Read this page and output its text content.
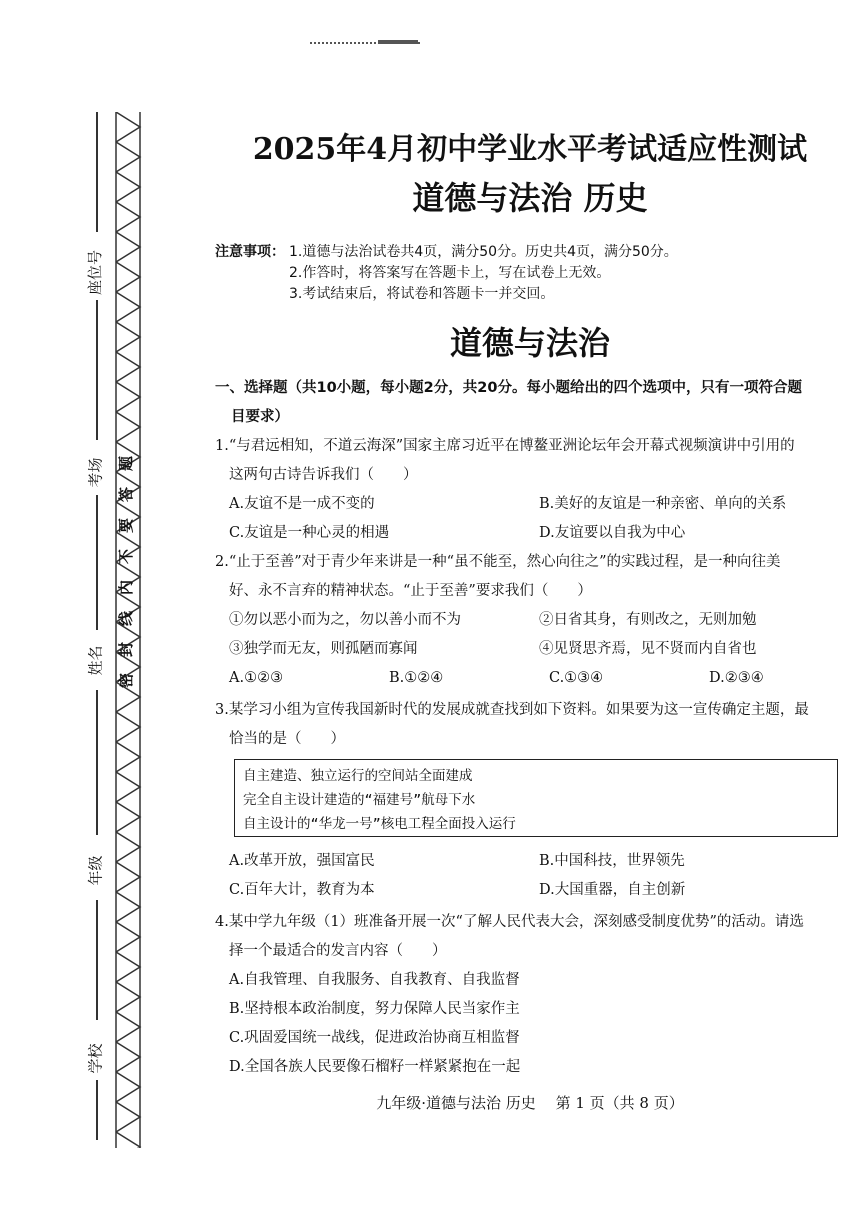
座位号
考场
姓名
年级
学校
题
答
要
不
内
线
封
密
2025年4月初中学业水平考试适应性测试
道德与法治 历史
注意事项： 1.道德与法治试卷共4页，满分50分。历史共4页，满分50分。
2.作答时，将答案写在答题卡上，写在试卷上无效。
3.考试结束后，将试卷和答题卡一并交回。
道德与法治
一、选择题（共10小题，每小题2分，共20分。每小题给出的四个选项中，只有一项符合题
目要求）
1.“与君远相知，不道云海深”国家主席习近平在博鳌亚洲论坛年会开幕式视频演讲中引用的
这两句古诗告诉我们（　　）
A.友谊不是一成不变的	B.美好的友谊是一种亲密、单向的关系
C.友谊是一种心灵的相遇	D.友谊要以自我为中心
2.“止于至善”对于青少年来讲是一种“虽不能至，然心向往之”的实践过程，是一种向往美
好、永不言弃的精神状态。“止于至善”要求我们（　　）
①勿以恶小而为之，勿以善小而不为	②日省其身，有则改之，无则加勉
③独学而无友，则孤陋而寡闻	④见贤思齐焉，见不贤而内自省也
A.①②③	B.①②④	C.①③④	D.②③④
3.某学习小组为宣传我国新时代的发展成就查找到如下资料。如果要为这一宣传确定主题，最
恰当的是（　　）
自主建造、独立运行的空间站全面建成
完全自主设计建造的“福建号”航母下水
自主设计的“华龙一号”核电工程全面投入运行
A.改革开放，强国富民	B.中国科技，世界领先
C.百年大计，教育为本	D.大国重器，自主创新
4.某中学九年级（1）班准备开展一次“了解人民代表大会，深刻感受制度优势”的活动。请选
择一个最适合的发言内容（　　）
A.自我管理、自我服务、自我教育、自我监督
B.坚持根本政治制度，努力保障人民当家作主
C.巩固爱国统一战线，促进政治协商互相监督
D.全国各族人民要像石榴籽一样紧紧抱在一起
九年级·道德与法治 历史　 第 1 页（共 8 页）
